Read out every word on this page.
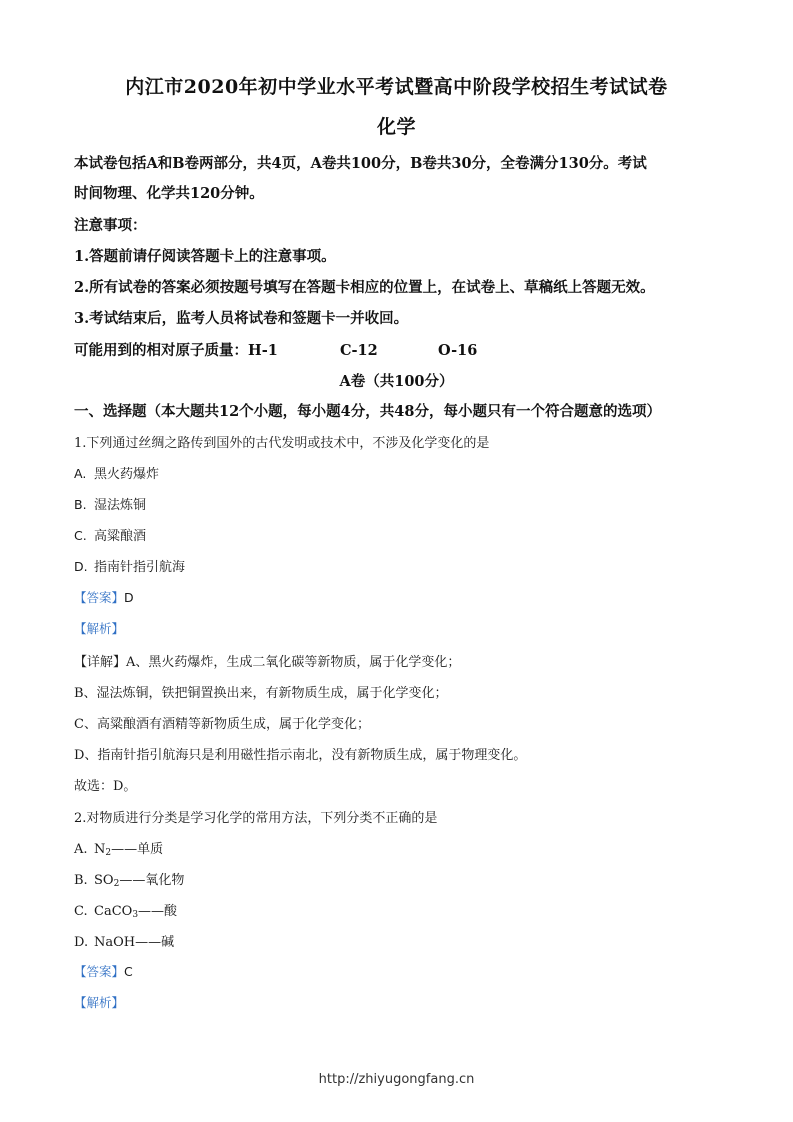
内江市2020年初中学业水平考试暨高中阶段学校招生考试试卷
化学
本试卷包括A和B卷两部分，共4页，A卷共100分，B卷共30分，全卷满分130分。考试
时间物理、化学共120分钟。
注意事项：
1.答题前请仔阅读答题卡上的注意事项。
2.所有试卷的答案必须按题号填写在答题卡相应的位置上，在试卷上、草稿纸上答题无效。
3.考试结束后，监考人员将试卷和签题卡一并收回。
可能用到的相对原子质量：H-1	C-12	O-16
A卷（共100分）
一、选择题（本大题共12个小题，每小题4分，共48分，每小题只有一个符合题意的选项）
1.下列通过丝绸之路传到国外的古代发明或技术中，不涉及化学变化的是
A. 黑火药爆炸
B. 湿法炼铜
C. 高粱酿酒
D. 指南针指引航海
【答案】D
【解析】
【详解】A、黑火药爆炸，生成二氧化碳等新物质，属于化学变化；
B、湿法炼铜，铁把铜置换出来，有新物质生成，属于化学变化；
C、高粱酿酒有酒精等新物质生成，属于化学变化；
D、指南针指引航海只是利用磁性指示南北，没有新物质生成，属于物理变化。
故选：D。
2.对物质进行分类是学习化学的常用方法，下列分类不正确的是
A. $N_2——$单质
B. $SO_2——$氧化物
C. CaCO$_3$——酸
D. NaOH——碱
【答案】C
【解析】
http://zhiyugongfang.cn
